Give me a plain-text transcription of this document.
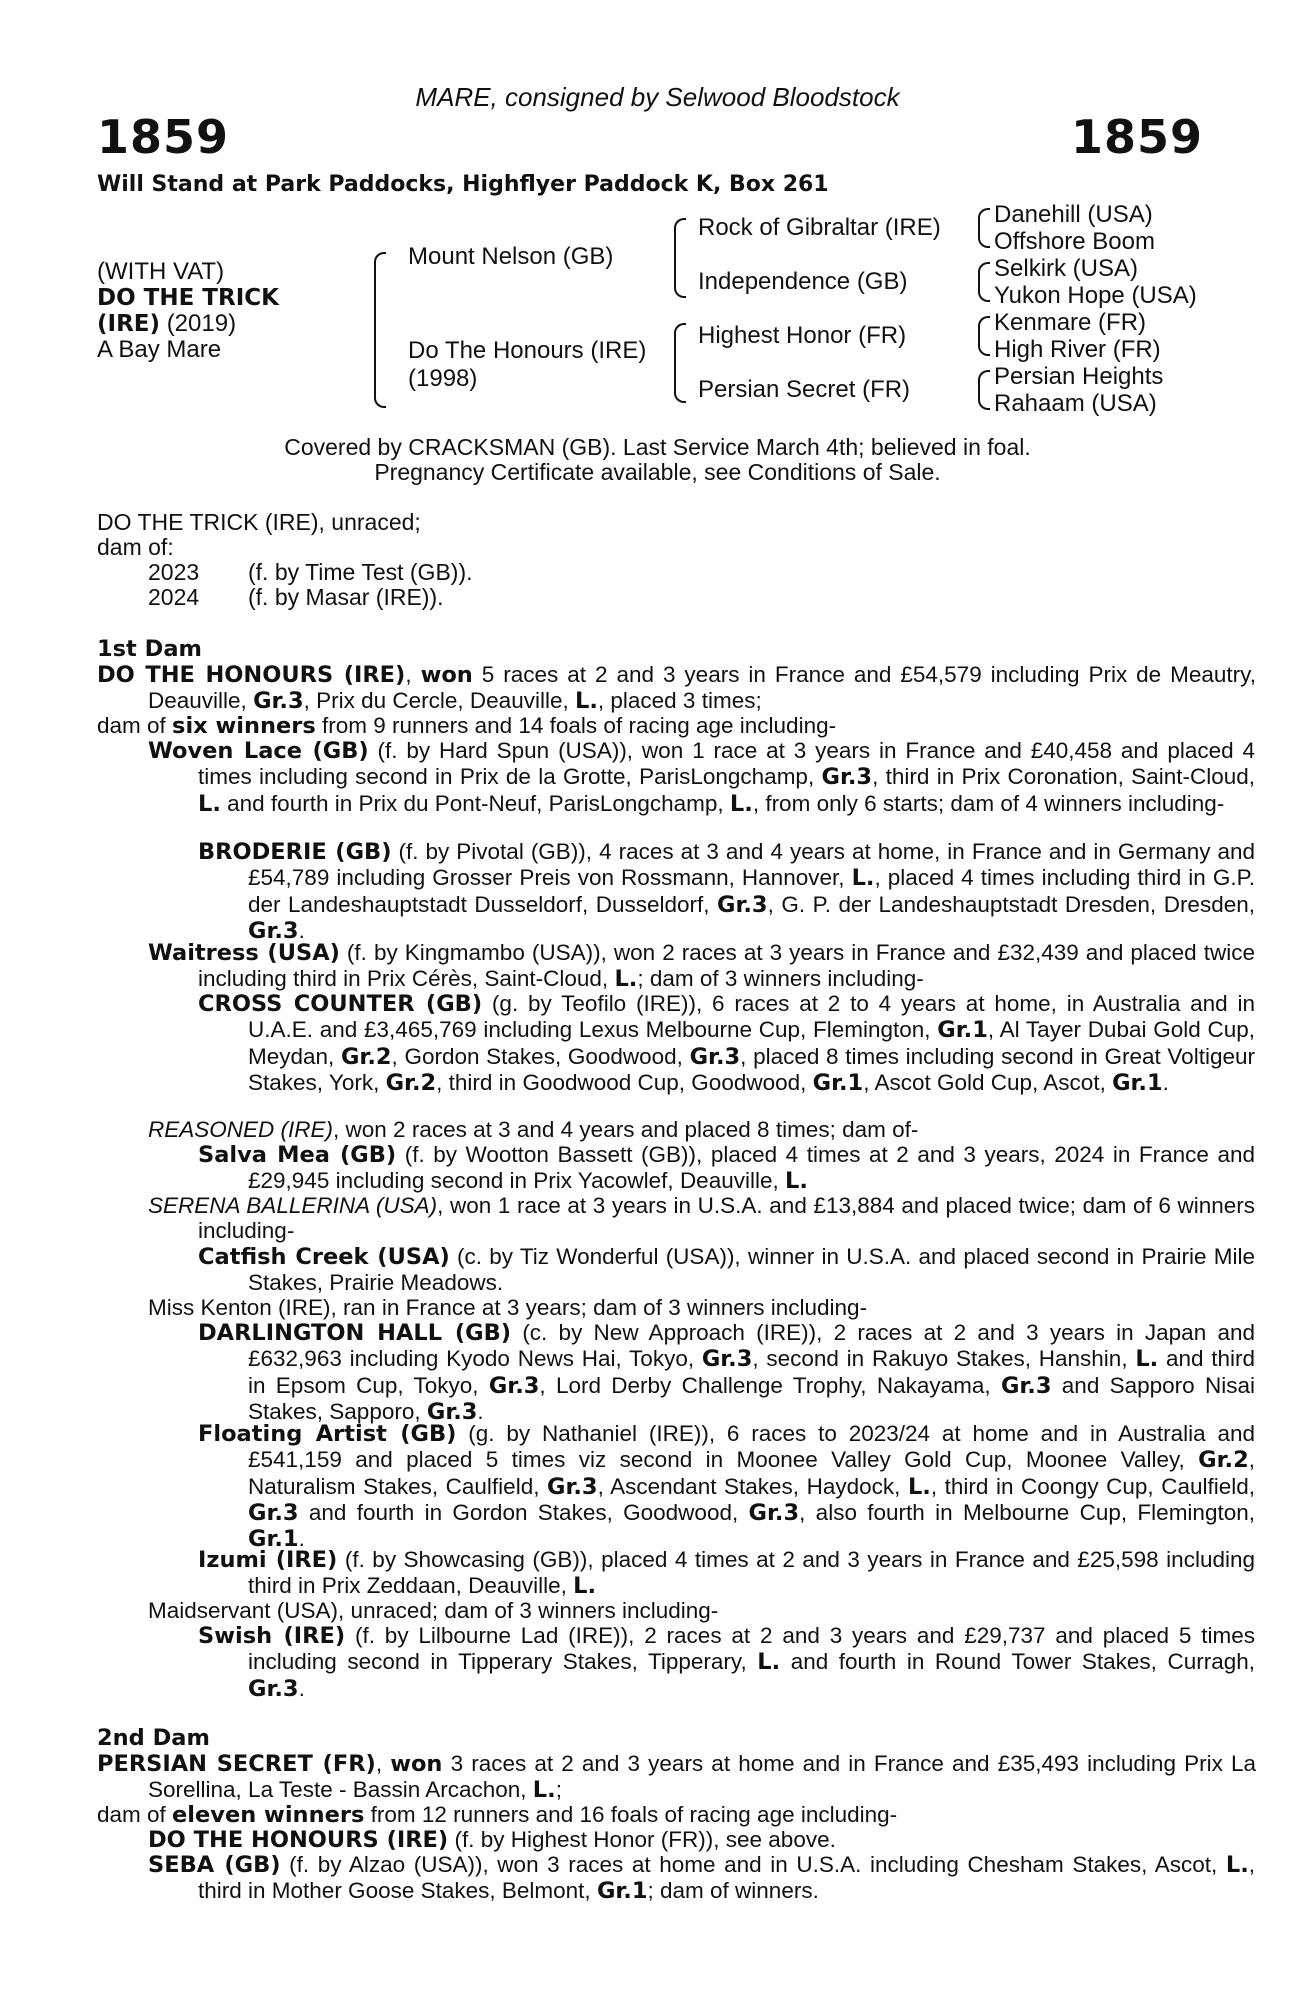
MARE, consigned by Selwood Bloodstock
1859	1859
Will Stand at Park Paddocks, Highflyer Paddock K, Box 261
(WITH VAT)
DO THE TRICK
(IRE) (2019)
A Bay Mare
Mount Nelson (GB)
Do The Honours (IRE)
(1998)
Rock of Gibraltar (IRE)
Independence (GB)
Highest Honor (FR)
Persian Secret (FR)
Danehill (USA)
Offshore Boom
Selkirk (USA)
Yukon Hope (USA)
Kenmare (FR)
High River (FR)
Persian Heights
Rahaam (USA)
Covered by CRACKSMAN (GB). Last Service March 4th; believed in foal.
Pregnancy Certificate available, see Conditions of Sale.
DO THE TRICK (IRE), unraced;
dam of:
2023 (f. by Time Test (GB)).
2024 (f. by Masar (IRE)).
1st Dam
DO THE HONOURS (IRE), won 5 races at 2 and 3 years in France and £54,579 including Prix de Meautry, Deauville, Gr.3, Prix du Cercle, Deauville, L., placed 3 times;
dam of six winners from 9 runners and 14 foals of racing age including-
Woven Lace (GB) (f. by Hard Spun (USA)), won 1 race at 3 years in France and £40,458 and placed 4 times including second in Prix de la Grotte, ParisLongchamp, Gr.3, third in Prix Coronation, Saint-Cloud, L. and fourth in Prix du Pont-Neuf, ParisLongchamp, L., from only 6 starts; dam of 4 winners including-
BRODERIE (GB) (f. by Pivotal (GB)), 4 races at 3 and 4 years at home, in France and in Germany and £54,789 including Grosser Preis von Rossmann, Hannover, L., placed 4 times including third in G.P. der Landeshauptstadt Dusseldorf, Dusseldorf, Gr.3, G. P. der Landeshauptstadt Dresden, Dresden, Gr.3.
Waitress (USA) (f. by Kingmambo (USA)), won 2 races at 3 years in France and £32,439 and placed twice including third in Prix Cérès, Saint-Cloud, L.; dam of 3 winners including-
CROSS COUNTER (GB) (g. by Teofilo (IRE)), 6 races at 2 to 4 years at home, in Australia and in U.A.E. and £3,465,769 including Lexus Melbourne Cup, Flemington, Gr.1, Al Tayer Dubai Gold Cup, Meydan, Gr.2, Gordon Stakes, Goodwood, Gr.3, placed 8 times including second in Great Voltigeur Stakes, York, Gr.2, third in Goodwood Cup, Goodwood, Gr.1, Ascot Gold Cup, Ascot, Gr.1.
REASONED (IRE), won 2 races at 3 and 4 years and placed 8 times; dam of-
Salva Mea (GB) (f. by Wootton Bassett (GB)), placed 4 times at 2 and 3 years, 2024 in France and £29,945 including second in Prix Yacowlef, Deauville, L.
SERENA BALLERINA (USA), won 1 race at 3 years in U.S.A. and £13,884 and placed twice; dam of 6 winners including-
Catfish Creek (USA) (c. by Tiz Wonderful (USA)), winner in U.S.A. and placed second in Prairie Mile Stakes, Prairie Meadows.
Miss Kenton (IRE), ran in France at 3 years; dam of 3 winners including-
DARLINGTON HALL (GB) (c. by New Approach (IRE)), 2 races at 2 and 3 years in Japan and £632,963 including Kyodo News Hai, Tokyo, Gr.3, second in Rakuyo Stakes, Hanshin, L. and third in Epsom Cup, Tokyo, Gr.3, Lord Derby Challenge Trophy, Nakayama, Gr.3 and Sapporo Nisai Stakes, Sapporo, Gr.3.
Floating Artist (GB) (g. by Nathaniel (IRE)), 6 races to 2023/24 at home and in Australia and £541,159 and placed 5 times viz second in Moonee Valley Gold Cup, Moonee Valley, Gr.2, Naturalism Stakes, Caulfield, Gr.3, Ascendant Stakes, Haydock, L., third in Coongy Cup, Caulfield, Gr.3 and fourth in Gordon Stakes, Goodwood, Gr.3, also fourth in Melbourne Cup, Flemington, Gr.1.
Izumi (IRE) (f. by Showcasing (GB)), placed 4 times at 2 and 3 years in France and £25,598 including third in Prix Zeddaan, Deauville, L.
Maidservant (USA), unraced; dam of 3 winners including-
Swish (IRE) (f. by Lilbourne Lad (IRE)), 2 races at 2 and 3 years and £29,737 and placed 5 times including second in Tipperary Stakes, Tipperary, L. and fourth in Round Tower Stakes, Curragh, Gr.3.
2nd Dam
PERSIAN SECRET (FR), won 3 races at 2 and 3 years at home and in France and £35,493 including Prix La Sorellina, La Teste - Bassin Arcachon, L.;
dam of eleven winners from 12 runners and 16 foals of racing age including-
DO THE HONOURS (IRE) (f. by Highest Honor (FR)), see above.
SEBA (GB) (f. by Alzao (USA)), won 3 races at home and in U.S.A. including Chesham Stakes, Ascot, L., third in Mother Goose Stakes, Belmont, Gr.1; dam of winners.
